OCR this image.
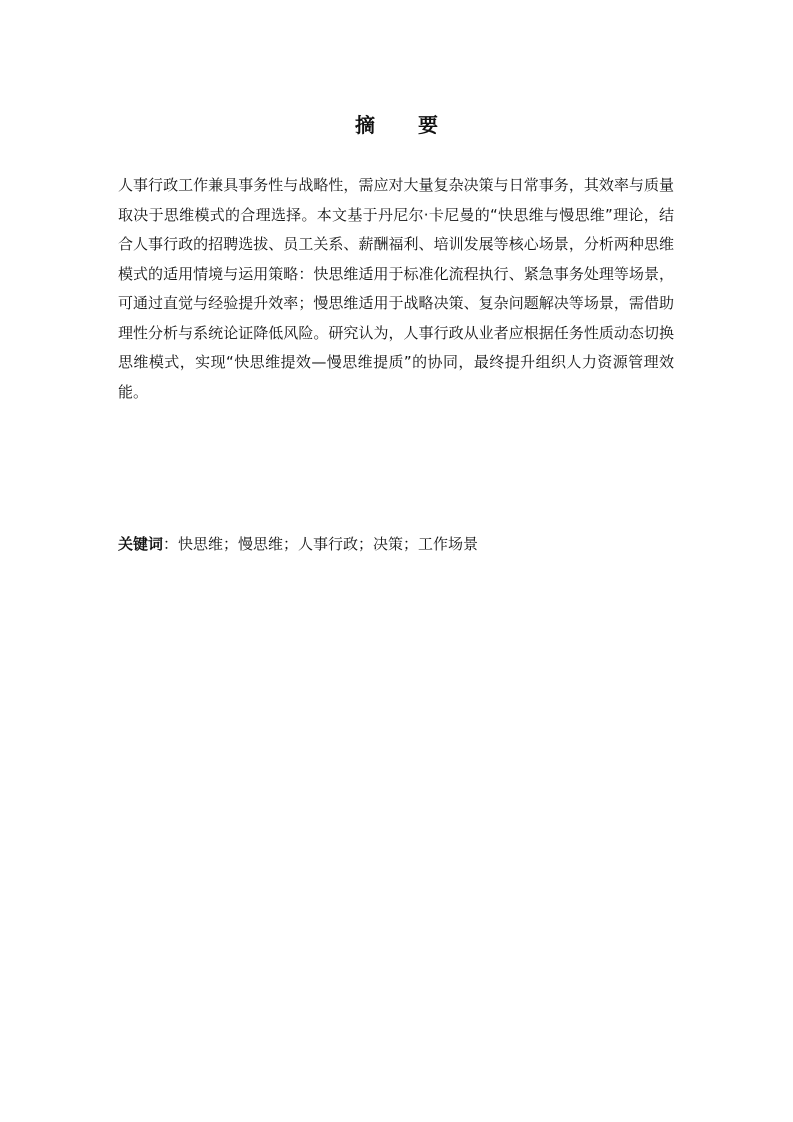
摘 要

人事行政工作兼具事务性与战略性，需应对大量复杂决策与日常事务，其效率与质量取决于思维模式的合理选择。本文基于丹尼尔·卡尼曼的“快思维与慢思维”理论，结合人事行政的招聘选拔、员工关系、薪酬福利、培训发展等核心场景，分析两种思维模式的适用情境与运用策略：快思维适用于标准化流程执行、紧急事务处理等场景，可通过直觉与经验提升效率；慢思维适用于战略决策、复杂问题解决等场景，需借助理性分析与系统论证降低风险。研究认为，人事行政从业者应根据任务性质动态切换思维模式，实现“快思维提效—慢思维提质”的协同，最终提升组织人力资源管理效能。

关键词：快思维；慢思维；人事行政；决策；工作场景
